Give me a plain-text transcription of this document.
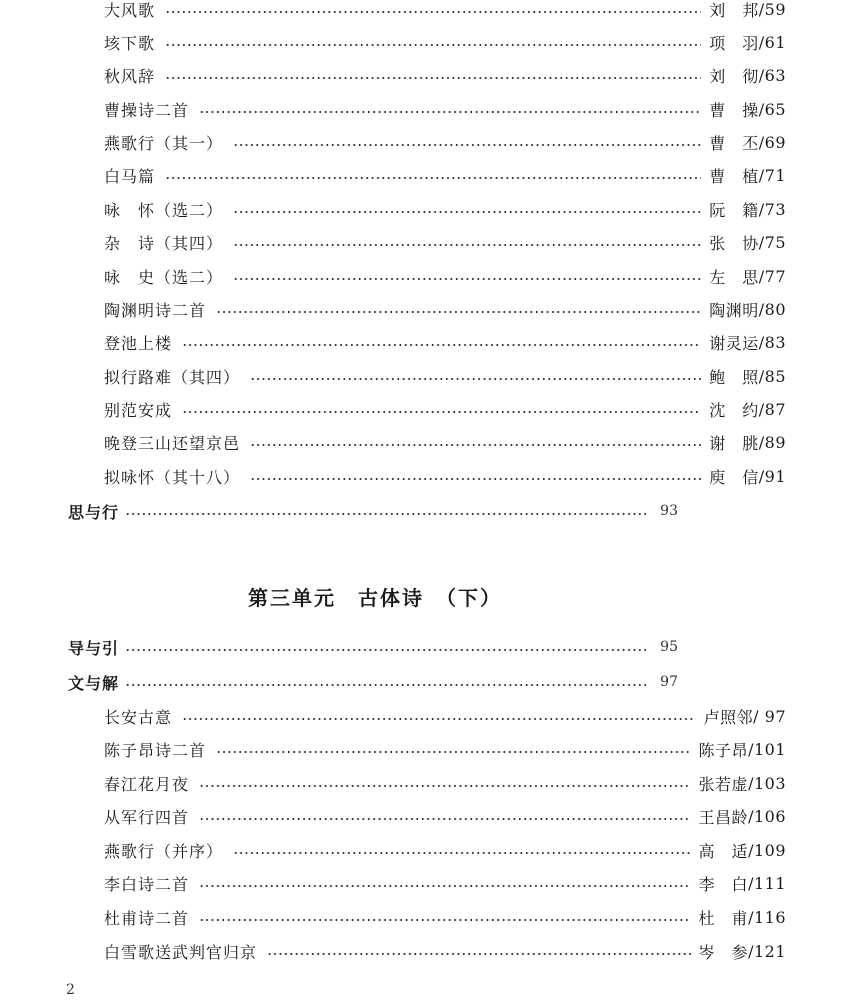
大风歌	刘　邦 /59
垓下歌	项　羽 /61
秋风辞	刘　彻 /63
曹操诗二首	曹　操 /65
燕歌行（其一）	曹　丕 /69
白马篇	曹　植 /71
咏　怀（选二）	阮　籍 /73
杂　诗（其四）	张　协 /75
咏　史（选二）	左　思 /77
陶渊明诗二首	陶渊明 /80
登池上楼	谢灵运 /83
拟行路难（其四）	鲍　照 /85
别范安成	沈　约 /87
晚登三山还望京邑	谢　朓 /89
拟咏怀（其十八）	庾　信 /91
思与行	93
第三单元　古体诗　（下）
导与引	95
文与解	97
长安古意	卢照邻 / 97
陈子昂诗二首	陈子昂 /101
春江花月夜	张若虚 /103
从军行四首	王昌龄 /106
燕歌行（并序）	高　适 /109
李白诗二首	李　白 /111
杜甫诗二首	杜　甫 /116
白雪歌送武判官归京	岑　参 /121
2
